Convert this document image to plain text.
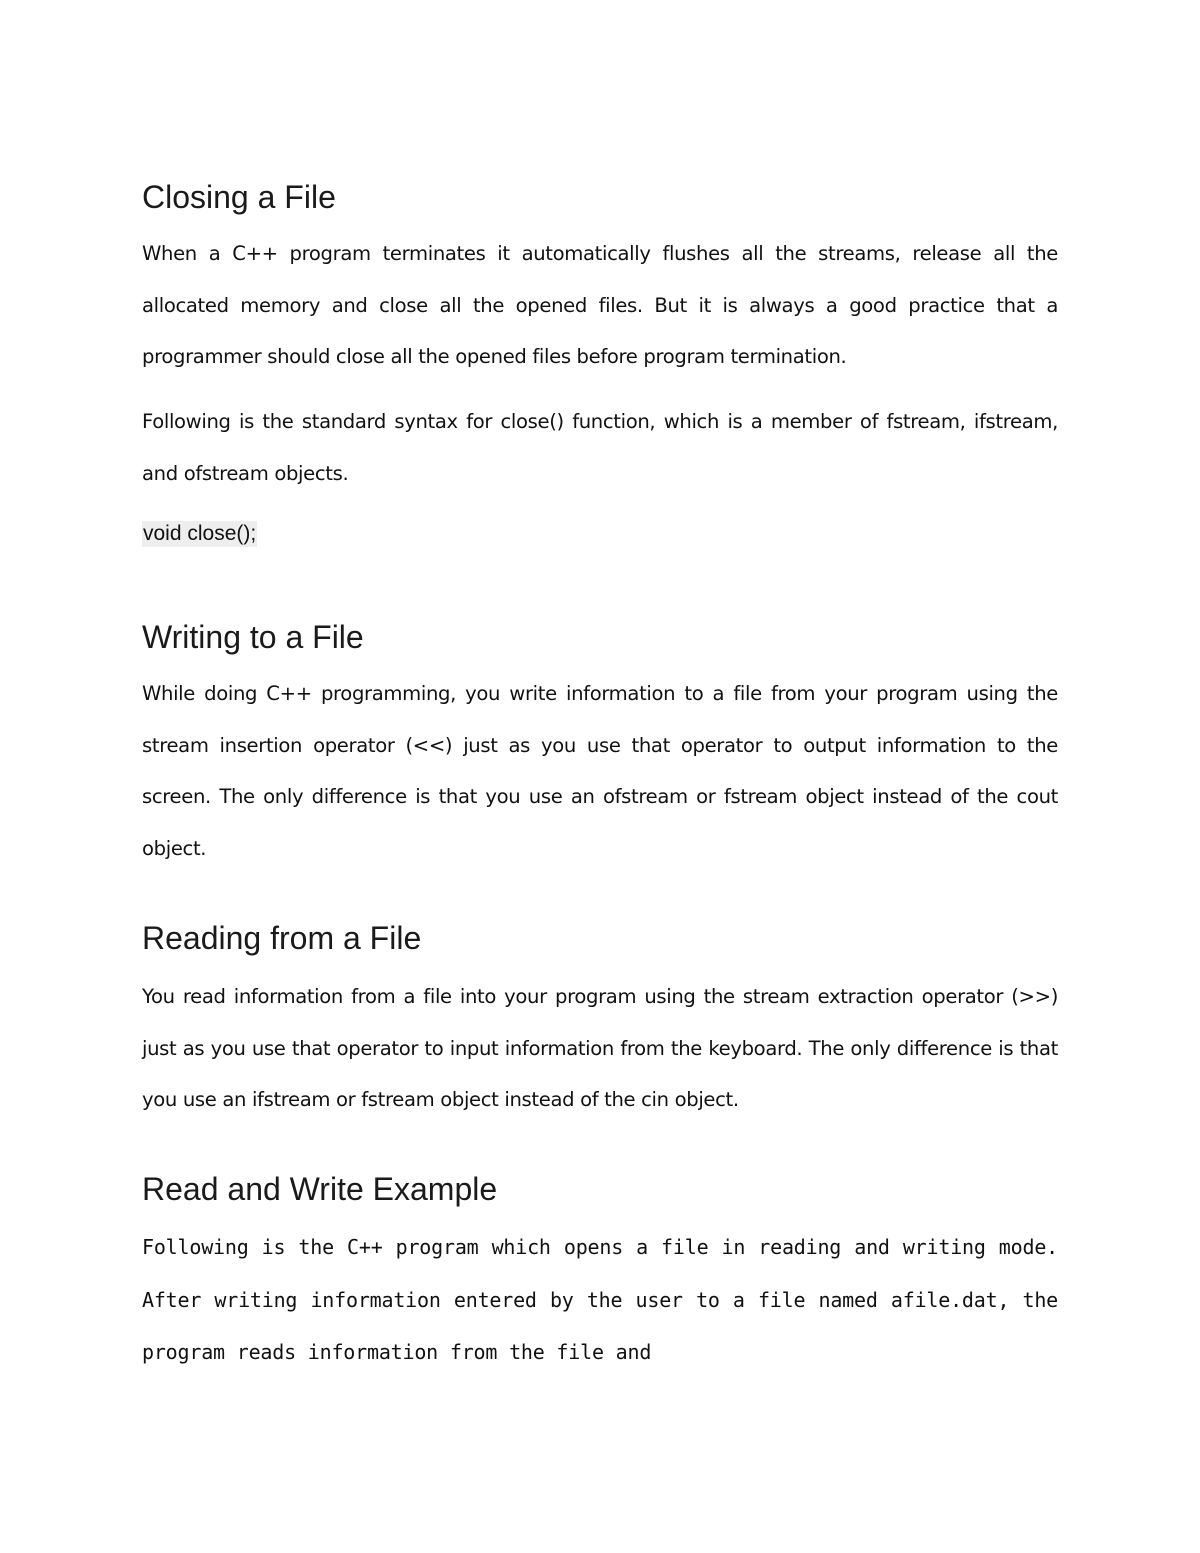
Closing a File

When a C++ program terminates it automatically flushes all the streams, release all the allocated memory and close all the opened files. But it is always a good practice that a programmer should close all the opened files before program termination.

Following is the standard syntax for close() function, which is a member of fstream, ifstream, and ofstream objects.

void close();

Writing to a File

While doing C++ programming, you write information to a file from your program using the stream insertion operator (<<) just as you use that operator to output information to the screen. The only difference is that you use an ofstream or fstream object instead of the cout object.

Reading from a File

You read information from a file into your program using the stream extraction operator (>>) just as you use that operator to input information from the keyboard. The only difference is that you use an ifstream or fstream object instead of the cin object.

Read and Write Example

Following is the C++ program which opens a file in reading and writing mode. After writing information entered by the user to a file named afile.dat, the program reads information from the file and
